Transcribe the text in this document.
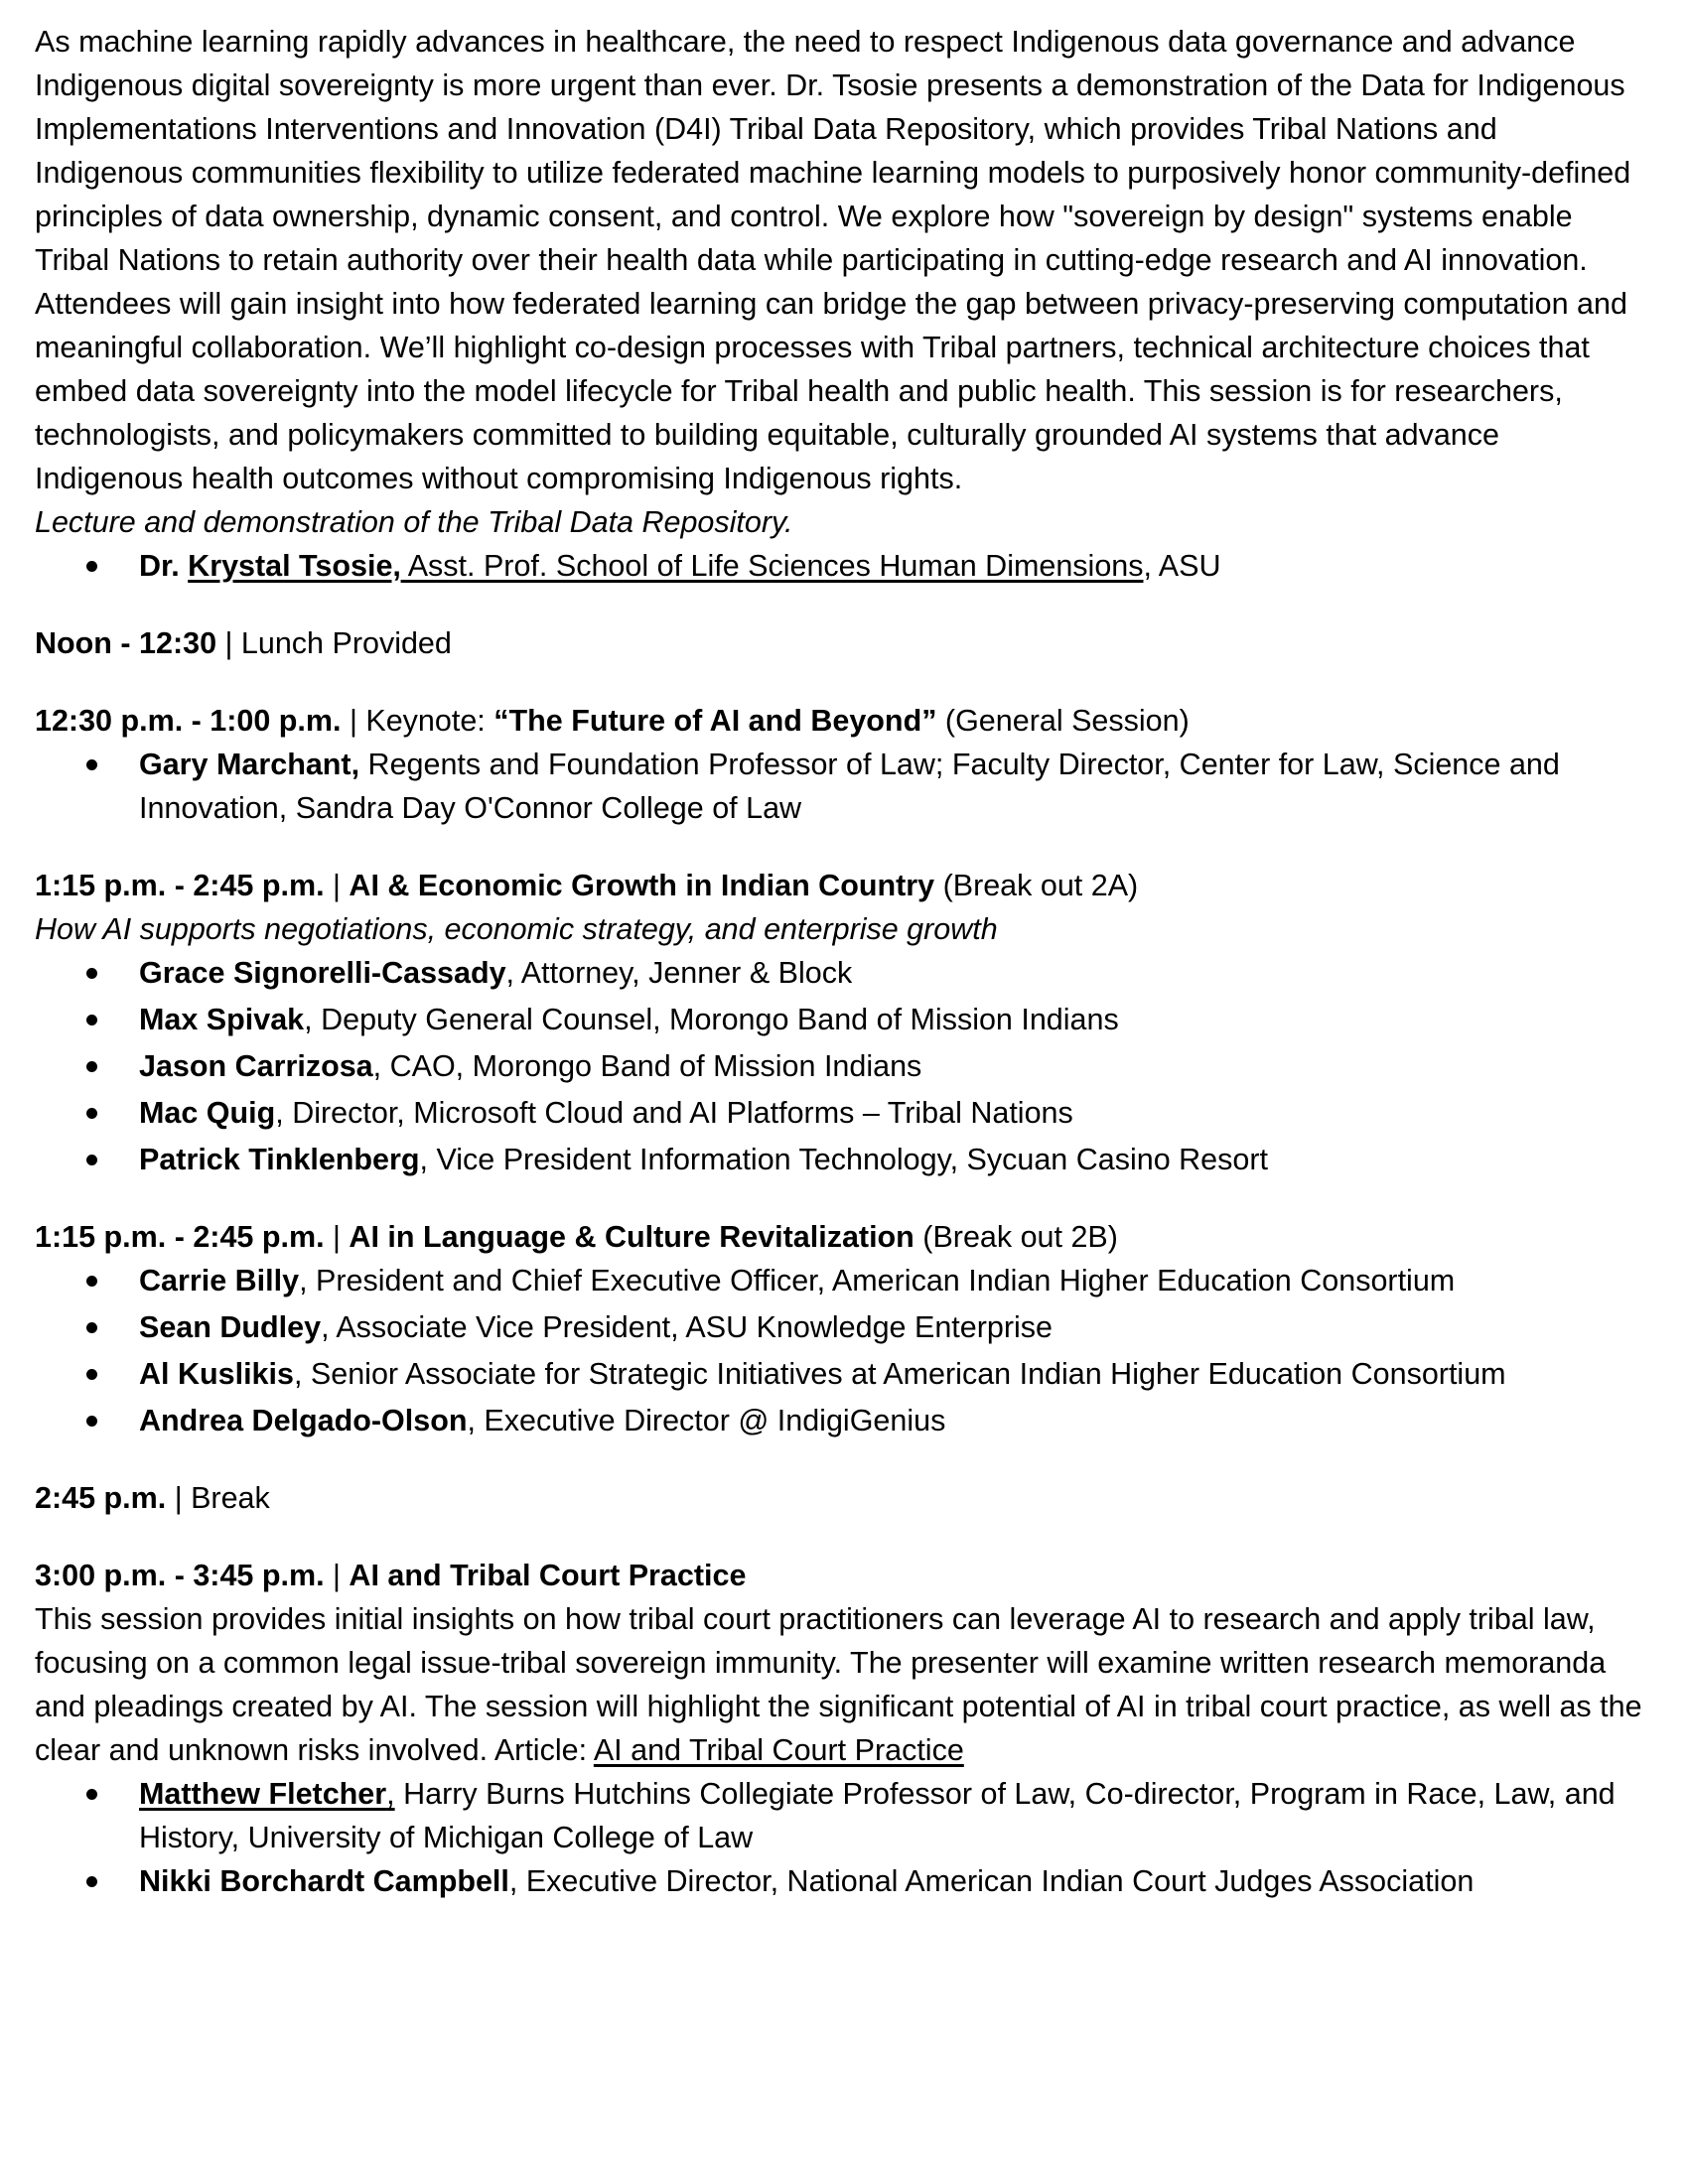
As machine learning rapidly advances in healthcare, the need to respect Indigenous data governance and advance Indigenous digital sovereignty is more urgent than ever. Dr. Tsosie presents a demonstration of the Data for Indigenous Implementations Interventions and Innovation (D4I) Tribal Data Repository, which provides Tribal Nations and Indigenous communities flexibility to utilize federated machine learning models to purposively honor community-defined principles of data ownership, dynamic consent, and control. We explore how "sovereign by design" systems enable Tribal Nations to retain authority over their health data while participating in cutting-edge research and AI innovation.
Attendees will gain insight into how federated learning can bridge the gap between privacy-preserving computation and meaningful collaboration. We’ll highlight co-design processes with Tribal partners, technical architecture choices that embed data sovereignty into the model lifecycle for Tribal health and public health. This session is for researchers, technologists, and policymakers committed to building equitable, culturally grounded AI systems that advance Indigenous health outcomes without compromising Indigenous rights.
Lecture and demonstration of the Tribal Data Repository.
Dr. Krystal Tsosie, Asst. Prof. School of Life Sciences Human Dimensions, ASU
Noon - 12:30 | Lunch Provided
12:30 p.m. - 1:00 p.m. | Keynote: “The Future of AI and Beyond” (General Session)
Gary Marchant, Regents and Foundation Professor of Law; Faculty Director, Center for Law, Science and Innovation, Sandra Day O'Connor College of Law
1:15 p.m. - 2:45 p.m. | AI & Economic Growth in Indian Country (Break out 2A)
How AI supports negotiations, economic strategy, and enterprise growth
Grace Signorelli-Cassady, Attorney, Jenner & Block
Max Spivak, Deputy General Counsel, Morongo Band of Mission Indians
Jason Carrizosa, CAO, Morongo Band of Mission Indians
Mac Quig, Director, Microsoft Cloud and AI Platforms – Tribal Nations
Patrick Tinklenberg, Vice President Information Technology, Sycuan Casino Resort
1:15 p.m. - 2:45 p.m. | AI in Language & Culture Revitalization (Break out 2B)
Carrie Billy, President and Chief Executive Officer, American Indian Higher Education Consortium
Sean Dudley, Associate Vice President, ASU Knowledge Enterprise
Al Kuslikis, Senior Associate for Strategic Initiatives at American Indian Higher Education Consortium
Andrea Delgado-Olson, Executive Director @ IndigiGenius
2:45 p.m. | Break
3:00 p.m. - 3:45 p.m. | AI and Tribal Court Practice
This session provides initial insights on how tribal court practitioners can leverage AI to research and apply tribal law, focusing on a common legal issue-tribal sovereign immunity. The presenter will examine written research memoranda and pleadings created by AI. The session will highlight the significant potential of AI in tribal court practice, as well as the clear and unknown risks involved. Article: AI and Tribal Court Practice
Matthew Fletcher, Harry Burns Hutchins Collegiate Professor of Law, Co-director, Program in Race, Law, and History, University of Michigan College of Law
Nikki Borchardt Campbell, Executive Director, National American Indian Court Judges Association
